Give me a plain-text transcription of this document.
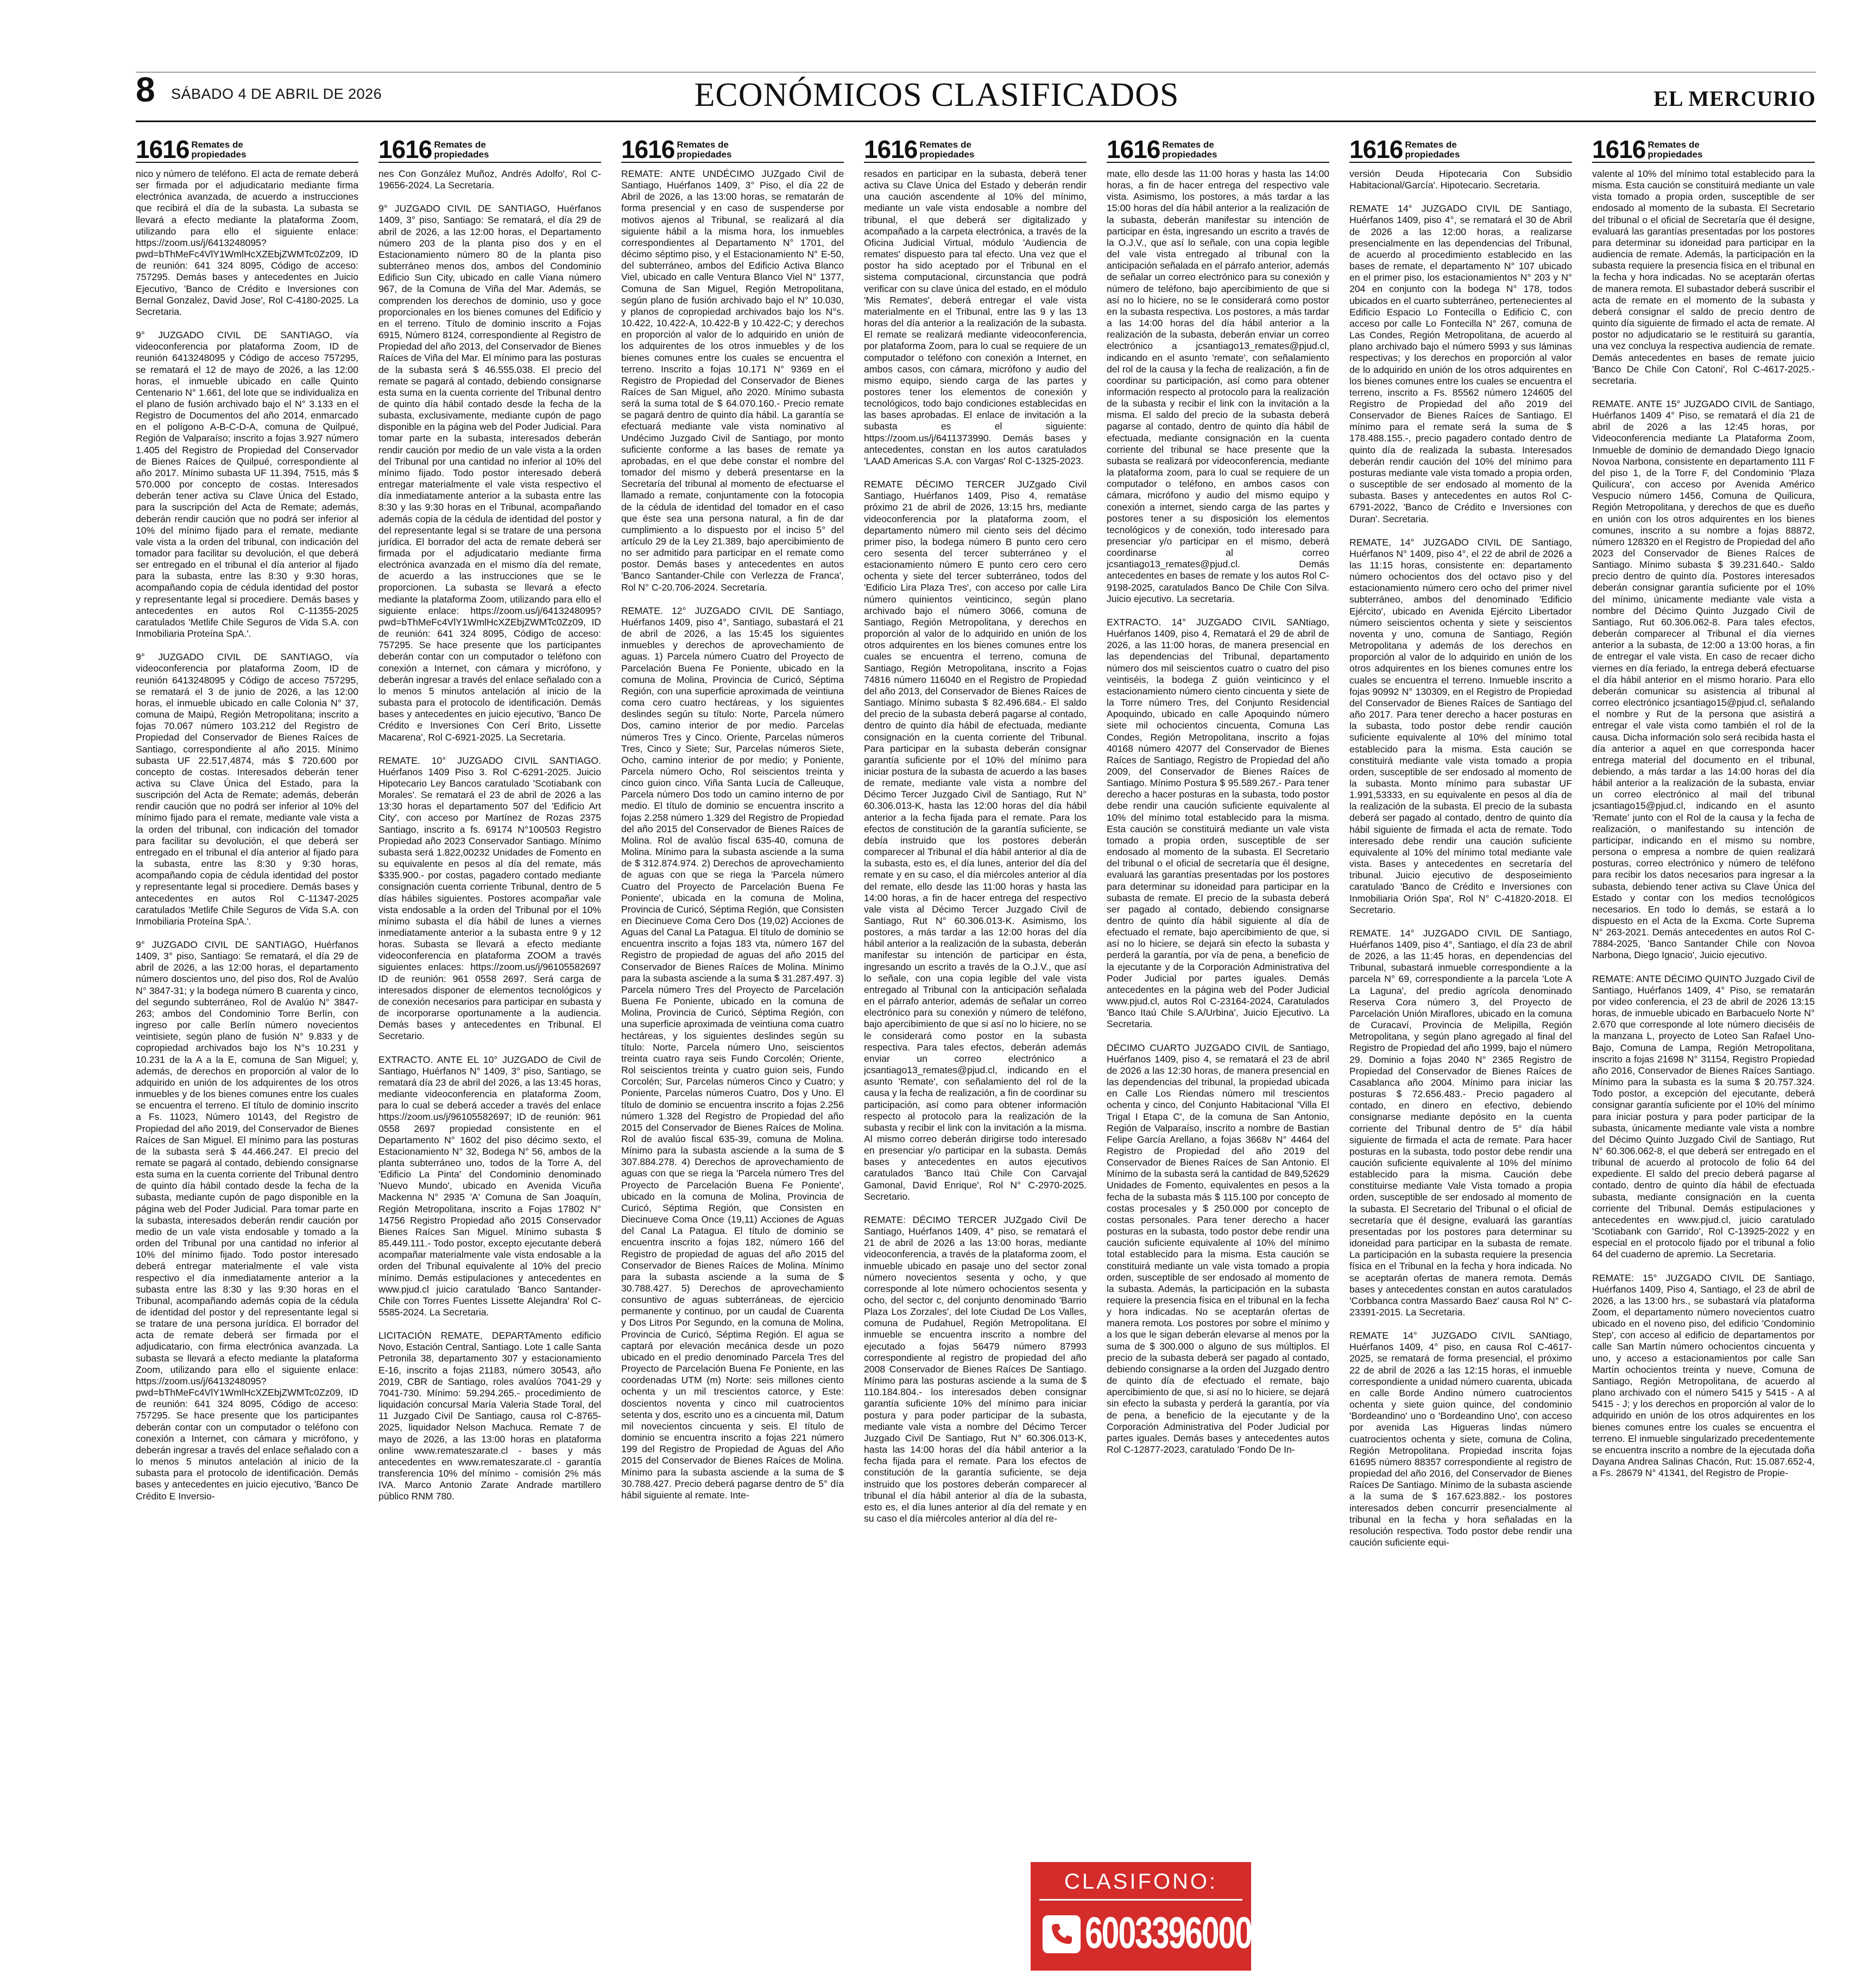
8 SÁBADO 4 DE ABRIL DE 2026	ECONÓMICOS CLASIFICADOS	EL MERCURIO
1616 Remates de
propiedades

nico y número de teléfono. El acta de remate deberá ser firmada por el adjudicatario mediante firma electrónica avanzada, de acuerdo a instrucciones que recibirá el día de la subasta. La subasta se llevará a efecto mediante la plataforma Zoom, utilizando para ello el siguiente enlace: https://zoom.us/j/6413248095?pwd=bThMeFc4VlY1WmlHcXZEbjZWMTc0Zz09, ID de reunión: 641 324 8095, Código de acceso: 757295. Demás bases y antecedentes en Juicio Ejecutivo, 'Banco de Crédito e Inversiones con Bernal Gonzalez, David Jose', Rol C-4180-2025. La Secretaria.

9° JUZGADO CIVIL DE SANTIAGO, vía videoconferencia por plataforma Zoom, ID de reunión 6413248095 y Código de acceso 757295, se rematará el 12 de mayo de 2026, a las 12:00 horas, el inmueble ubicado en calle Quinto Centenario N° 1.661, del lote que se individualiza en el plano de fusión archivado bajo el N° 3.133 en el Registro de Documentos del año 2014, enmarcado en el polígono A-B-C-D-A, comuna de Quilpué, Región de Valparaíso; inscrito a fojas 3.927 número 1.405 del Registro de Propiedad del Conservador de Bienes Raíces de Quilpué, correspondiente al año 2017. Mínimo subasta UF 11.394, 7515, más $ 570.000 por concepto de costas. Interesados deberán tener activa su Clave Única del Estado, para la suscripción del Acta de Remate; además, deberán rendir caución que no podrá ser inferior al 10% del mínimo fijado para el remate, mediante vale vista a la orden del tribunal, con indicación del tomador para facilitar su devolución, el que deberá ser entregado en el tribunal el día anterior al fijado para la subasta, entre las 8:30 y 9:30 horas, acompañando copia de cédula identidad del postor y representante legal si procediere. Demás bases y antecedentes en autos Rol C-11355-2025 caratulados 'Metlife Chile Seguros de Vida S.A. con Inmobiliaria Proteína SpA.'.

9° JUZGADO CIVIL DE SANTIAGO, vía videoconferencia por plataforma Zoom, ID de reunión 6413248095 y Código de acceso 757295, se rematará el 3 de junio de 2026, a las 12:00 horas, el inmueble ubicado en calle Colonia N° 37, comuna de Maipú, Región Metropolitana; inscrito a fojas 70.067 número 103.212 del Registro de Propiedad del Conservador de Bienes Raíces de Santiago, correspondiente al año 2015. Mínimo subasta UF 22.517,4874, más $ 720.600 por concepto de costas. Interesados deberán tener activa su Clave Única del Estado, para la suscripción del Acta de Remate; además, deberán rendir caución que no podrá ser inferior al 10% del mínimo fijado para el remate, mediante vale vista a la orden del tribunal, con indicación del tomador para facilitar su devolución, el que deberá ser entregado en el tribunal el día anterior al fijado para la subasta, entre las 8:30 y 9:30 horas, acompañando copia de cédula identidad del postor y representante legal si procediere. Demás bases y antecedentes en autos Rol C-11347-2025 caratulados 'Metlife Chile Seguros de Vida S.A. con Inmobiliaria Proteína SpA.'.

9° JUZGADO CIVIL DE SANTIAGO, Huérfanos 1409, 3° piso, Santiago: Se rematará, el día 29 de abril de 2026, a las 12:00 horas, el departamento número doscientos uno, del piso dos, Rol de Avalúo N° 3847-31; y la bodega número B cuarenta y cinco, del segundo subterráneo, Rol de Avalúo N° 3847-263; ambos del Condominio Torre Berlín, con ingreso por calle Berlín número novecientos veintisiete, según plano de fusión N° 9.833 y de copropiedad archivados bajo los N°s 10.231 y 10.231 de la A a la E, comuna de San Miguel; y, además, de derechos en proporción al valor de lo adquirido en unión de los adquirentes de los otros inmuebles y de los bienes comunes entre los cuales se encuentra el terreno. El título de dominio inscrito a Fs. 11023, Número 10143, del Registro de Propiedad del año 2019, del Conservador de Bienes Raíces de San Miguel. El mínimo para las posturas de la subasta será $ 44.466.247. El precio del remate se pagará al contado, debiendo consignarse esta suma en la cuenta corriente del Tribunal dentro de quinto día hábil contado desde la fecha de la subasta, mediante cupón de pago disponible en la página web del Poder Judicial. Para tomar parte en la subasta, interesados deberán rendir caución por medio de un vale vista endosable y tomado a la orden del Tribunal por una cantidad no inferior al 10% del mínimo fijado. Todo postor interesado deberá entregar materialmente el vale vista respectivo el día inmediatamente anterior a la subasta entre las 8:30 y las 9:30 horas en el Tribunal, acompañando además copia de la cédula de identidad del postor y del representante legal si se tratare de una persona jurídica. El borrador del acta de remate deberá ser firmada por el adjudicatario, con firma electrónica avanzada. La subasta se llevará a efecto mediante la plataforma Zoom, utilizando para ello el siguiente enlace: https://zoom.us/j/6413248095?pwd=bThMeFc4VlY1WmlHcXZEbjZWMTc0Zz09, ID de reunión: 641 324 8095, Código de acceso: 757295. Se hace presente que los participantes deberán contar con un computador o teléfono con conexión a Internet, con cámara y micrófono, y deberán ingresar a través del enlace señalado con a lo menos 5 minutos antelación al inicio de la subasta para el protocolo de identificación. Demás bases y antecedentes en juicio ejecutivo, 'Banco De Crédito E Inversio-

1616 Remates de
propiedades

nes Con González Muñoz, Andrés Adolfo', Rol C-19656-2024. La Secretaria.

9° JUZGADO CIVIL DE SANTIAGO, Huérfanos 1409, 3° piso, Santiago: Se rematará, el día 29 de abril de 2026, a las 12:00 horas, el Departamento número 203 de la planta piso dos y en el Estacionamiento número 80 de la planta piso subterráneo menos dos, ambos del Condominio Edificio Sun City, ubicado en calle Viana número 967, de la Comuna de Viña del Mar. Además, se comprenden los derechos de dominio, uso y goce proporcionales en los bienes comunes del Edificio y en el terreno. Título de dominio inscrito a Fojas 6915, Número 8124, correspondiente al Registro de Propiedad del año 2013, del Conservador de Bienes Raíces de Viña del Mar. El mínimo para las posturas de la subasta será $ 46.555.038. El precio del remate se pagará al contado, debiendo consignarse esta suma en la cuenta corriente del Tribunal dentro de quinto día hábil contado desde la fecha de la subasta, exclusivamente, mediante cupón de pago disponible en la página web del Poder Judicial. Para tomar parte en la subasta, interesados deberán rendir caución por medio de un vale vista a la orden del Tribunal por una cantidad no inferior al 10% del mínimo fijado. Todo postor interesado deberá entregar materialmente el vale vista respectivo el día inmediatamente anterior a la subasta entre las 8:30 y las 9:30 horas en el Tribunal, acompañando además copia de la cédula de identidad del postor y del representante legal si se tratare de una persona jurídica. El borrador del acta de remate deberá ser firmada por el adjudicatario mediante firma electrónica avanzada en el mismo día del remate, de acuerdo a las instrucciones que se le proporcionen. La subasta se llevará a efecto mediante la plataforma Zoom, utilizando para ello el siguiente enlace: https://zoom.us/j/6413248095? pwd=bThMeFc4VlY1WmlHcXZEbjZWMTc0Zz09, ID de reunión: 641 324 8095, Código de acceso: 757295. Se hace presente que los participantes deberán contar con un computador o teléfono con conexión a Internet, con cámara y micrófono, y deberán ingresar a través del enlace señalado con a lo menos 5 minutos antelación al inicio de la subasta para el protocolo de identificación. Demás bases y antecedentes en juicio ejecutivo, 'Banco De Crédito e Inversiones Con Cerí Brito, Lissette Macarena', Rol C-6921-2025. La Secretaria.

REMATE. 10° JUZGADO CIVIL SANTIAGO. Huérfanos 1409 Piso 3. Rol C-6291-2025. Juicio Hipotecario Ley Bancos caratulado 'Scotiabank con Morales'. Se rematará el 23 de abril de 2026 a las 13:30 horas el departamento 507 del 'Edificio Art City', con acceso por Martínez de Rozas 2375 Santiago, inscrito a fs. 69174 N°100503 Registro Propiedad año 2023 Conservador Santiago. Mínimo subasta será 1.822,00232 Unidades de Fomento en su equivalente en pesos al día del remate, más $335.900.- por costas, pagadero contado mediante consignación cuenta corriente Tribunal, dentro de 5 días hábiles siguientes. Postores acompañar vale vista endosable a la orden del Tribunal por el 10% mínimo subasta el día hábil de lunes a viernes inmediatamente anterior a la subasta entre 9 y 12 horas. Subasta se llevará a efecto mediante videoconferencia en plataforma ZOOM a través siguientes enlaces: https://zoom.us/j/96105582697 ID de reunión: 961 0558 2697. Será carga de interesados disponer de elementos tecnológicos y de conexión necesarios para participar en subasta y de incorporarse oportunamente a la audiencia. Demás bases y antecedentes en Tribunal. El Secretario.

EXTRACTO. ANTE EL 10° JUZGADO de Civil de Santiago, Huérfanos N° 1409, 3° piso, Santiago, se rematará día 23 de abril del 2026, a las 13:45 horas, mediante videoconferencia en plataforma Zoom, para lo cual se deberá acceder a través del enlace https://zoom.us/j/96105582697; ID de reunión: 961 0558 2697 propiedad consistente en el Departamento N° 1602 del piso décimo sexto, el Estacionamiento N° 32, Bodega N° 56, ambos de la planta subterráneo uno, todos de la Torre A, del 'Edificio La Pinta' del Condominio denominado 'Nuevo Mundo', ubicado en Avenida Vicuña Mackenna N° 2935 'A' Comuna de San Joaquín, Región Metropolitana, inscrito a Fojas 17802 N° 14756 Registro Propiedad año 2015 Conservador Bienes Raíces San Miguel. Mínimo subasta $ 85.449.111.- Todo postor, excepto ejecutante deberá acompañar materialmente vale vista endosable a la orden del Tribunal equivalente al 10% del precio mínimo. Demás estipulaciones y antecedentes en www.pjud.cl juicio caratulado 'Banco Santander-Chile con Torres Fuentes Lissette Alejandra' Rol C-5585-2024. La Secretaria.

LICITACIÓN REMATE, DEPARTAmento edificio Novo, Estación Central, Santiago. Lote 1 calle Santa Petronila 38, departamento 307 y estacionamiento E-16, inscrito a fojas 21183, número 30543, año 2019, CBR de Santiago, roles avalúos 7041-29 y 7041-730. Mínimo: 59.294.265.- procedimiento de liquidación concursal María Valeria Stade Toral, del 11 Juzgado Civil De Santiago, causa rol C-8765-2025, liquidador Nelson Machuca. Remate 7 de mayo de 2026, a las 13:00 horas en plataforma online www.remateszarate.cl - bases y más antecedentes en www.remateszarate.cl - garantía transferencia 10% del mínimo - comisión 2% más IVA. Marco Antonio Zarate Andrade martillero público RNM 780.

1616 Remates de
propiedades

REMATE: ANTE UNDÉCIMO JUZgado Civil de Santiago, Huérfanos 1409, 3° Piso, el día 22 de Abril de 2026, a las 13:00 horas, se rematarán de forma presencial y en caso de suspenderse por motivos ajenos al Tribunal, se realizará al día siguiente hábil a la misma hora, los inmuebles correspondientes al Departamento N° 1701, del décimo séptimo piso, y el Estacionamiento N° E-50, del subterráneo, ambos del Edificio Activa Blanco Viel, ubicado en calle Ventura Blanco Viel N° 1377, Comuna de San Miguel, Región Metropolitana, según plano de fusión archivado bajo el N° 10.030, y planos de copropiedad archivados bajo los N°s. 10.422, 10.422-A, 10.422-B y 10.422-C; y derechos en proporción al valor de lo adquirido en unión de los adquirentes de los otros inmuebles y de los bienes comunes entre los cuales se encuentra el terreno. Inscrito a fojas 10.171 N° 9369 en el Registro de Propiedad del Conservador de Bienes Raíces de San Miguel, año 2020. Mínimo subasta será la suma total de $ 64.070.160.- Precio remate se pagará dentro de quinto día hábil. La garantía se efectuará mediante vale vista nominativo al Undécimo Juzgado Civil de Santiago, por monto suficiente conforme a las bases de remate ya aprobadas, en el que debe constar el nombre del tomador del mismo y deberá presentarse en la Secretaría del tribunal al momento de efectuarse el llamado a remate, conjuntamente con la fotocopia de la cédula de identidad del tomador en el caso que éste sea una persona natural, a fin de dar cumplimiento a lo dispuesto por el inciso 5° del artículo 29 de la Ley 21.389, bajo apercibimiento de no ser admitido para participar en el remate como postor. Demás bases y antecedentes en autos 'Banco Santander-Chile con Verlezza de Franca', Rol N° C-20.706-2024. Secretaría.

REMATE. 12° JUZGADO CIVIL DE Santiago, Huérfanos 1409, piso 4°, Santiago, subastará el 21 de abril de 2026, a las 15:45 los siguientes inmuebles y derechos de aprovechamiento de aguas. 1) Parcela número Cuatro del Proyecto de Parcelación Buena Fe Poniente, ubicado en la comuna de Molina, Provincia de Curicó, Séptima Región, con una superficie aproximada de veintiuna coma cero cuatro hectáreas, y los siguientes deslindes según su título: Norte, Parcela número Dos, camino interior de por medio. Parcelas números Tres y Cinco. Oriente, Parcelas números Tres, Cinco y Siete; Sur, Parcelas números Siete, Ocho, camino interior de por medio; y Poniente, Parcela número Ocho, Rol seiscientos treinta y cinco guion cinco. Viña Santa Lucía de Calleuque, Parcela número Dos todo un camino interno de por medio. El título de dominio se encuentra inscrito a fojas 2.258 número 1.329 del Registro de Propiedad del año 2015 del Conservador de Bienes Raíces de Molina. Rol de avalúo fiscal 635-40, comuna de Molina. Mínimo para la subasta asciende a la suma de $ 312.874.974. 2) Derechos de aprovechamiento de aguas con que se riega la 'Parcela número Cuatro del Proyecto de Parcelación Buena Fe Poniente', ubicada en la comuna de Molina, Provincia de Curicó, Séptima Región, que Consisten en Diecinueve Coma Cero Dos (19,02) Acciones de Aguas del Canal La Patagua. El título de dominio se encuentra inscrito a fojas 183 vta, número 167 del Registro de propiedad de aguas del año 2015 del Conservador de Bienes Raíces de Molina. Mínimo para la subasta asciende a la suma $ 31.287.497. 3) Parcela número Tres del Proyecto de Parcelación Buena Fe Poniente, ubicado en la comuna de Molina, Provincia de Curicó, Séptima Región, con una superficie aproximada de veintiuna coma cuatro hectáreas, y los siguientes deslindes según su título: Norte, Parcela número Uno, seiscientos treinta cuatro raya seis Fundo Corcolén; Oriente, Rol seiscientos treinta y cuatro guion seis, Fundo Corcolén; Sur, Parcelas números Cinco y Cuatro; y Poniente, Parcelas números Cuatro, Dos y Uno. El título de dominio se encuentra inscrito a fojas 2.256 número 1.328 del Registro de Propiedad del año 2015 del Conservador de Bienes Raíces de Molina. Rol de avalúo fiscal 635-39, comuna de Molina. Mínimo para la subasta asciende a la suma de $ 307.884.278. 4) Derechos de aprovechamiento de aguas con que se riega la 'Parcela número Tres del Proyecto de Parcelación Buena Fe Poniente', ubicado en la comuna de Molina, Provincia de Curicó, Séptima Región, que Consisten en Diecinueve Coma Once (19,11) Acciones de Aguas del Canal La Patagua. El título de dominio se encuentra inscrito a fojas 182, número 166 del Registro de propiedad de aguas del año 2015 del Conservador de Bienes Raíces de Molina. Mínimo para la subasta asciende a la suma de $ 30.788.427. 5) Derechos de aprovechamiento consuntivo de aguas subterráneas, de ejercicio permanente y continuo, por un caudal de Cuarenta y Dos Litros Por Segundo, en la comuna de Molina, Provincia de Curicó, Séptima Región. El agua se captará por elevación mecánica desde un pozo ubicado en el predio denominado Parcela Tres del Proyecto de Parcelación Buena Fe Poniente, en las coordenadas UTM (m) Norte: seis millones ciento ochenta y un mil trescientos catorce, y Este: doscientos noventa y cinco mil cuatrocientos setenta y dos, escrito uno es a cincuenta mil, Datum mil novecientos cincuenta y seis. El título de dominio se encuentra inscrito a fojas 221 número 199 del Registro de Propiedad de Aguas del Año 2015 del Conservador de Bienes Raíces de Molina. Mínimo para la subasta asciende a la suma de $ 30.788.427. Precio deberá pagarse dentro de 5° día hábil siguiente al remate. Inte-

1616 Remates de
propiedades

resados en participar en la subasta, deberá tener activa su Clave Única del Estado y deberán rendir una caución ascendente al 10% del mínimo, mediante un vale vista endosable a nombre del tribunal, el que deberá ser digitalizado y acompañado a la carpeta electrónica, a través de la Oficina Judicial Virtual, módulo 'Audiencia de remates' dispuesto para tal efecto. Una vez que el postor ha sido aceptado por el Tribunal en el sistema computacional, circunstancia que podrá verificar con su clave única del estado, en el módulo 'Mis Remates', deberá entregar el vale vista materialmente en el Tribunal, entre las 9 y las 13 horas del día anterior a la realización de la subasta. El remate se realizará mediante videoconferencia, por plataforma Zoom, para lo cual se requiere de un computador o teléfono con conexión a Internet, en ambos casos, con cámara, micrófono y audio del mismo equipo, siendo carga de las partes y postores tener los elementos de conexión y tecnológicos, todo bajo condiciones establecidas en las bases aprobadas. El enlace de invitación a la subasta es el siguiente: https://zoom.us/j/6411373990. Demás bases y antecedentes, constan en los autos caratulados 'LAAD Americas S.A. con Vargas' Rol C-1325-2023.

REMATE DÉCIMO TERCER JUZgado Civil Santiago, Huérfanos 1409, Piso 4, rematáse próximo 21 de abril de 2026, 13:15 hrs, mediante videoconferencia por la plataforma zoom, el departamento número mil ciento seis del décimo primer piso, la bodega número B punto cero cero cero sesenta del tercer subterráneo y el estacionamiento número E punto cero cero cero ochenta y siete del tercer subterráneo, todos del 'Edificio Lira Plaza Tres', con acceso por calle Lira número quinientos veinticinco, según plano archivado bajo el número 3066, comuna de Santiago, Región Metropolitana, y derechos en proporción al valor de lo adquirido en unión de los otros adquirentes en los bienes comunes entre los cuales se encuentra el terreno, comuna de Santiago, Región Metropolitana, inscrito a Fojas 74816 número 116040 en el Registro de Propiedad del año 2013, del Conservador de Bienes Raíces de Santiago. Mínimo subasta $ 82.496.684.- El saldo del precio de la subasta deberá pagarse al contado, dentro de quinto día hábil de efectuada, mediante consignación en la cuenta corriente del Tribunal. Para participar en la subasta deberán consignar garantía suficiente por el 10% del mínimo para iniciar postura de la subasta de acuerdo a las bases de remate, mediante vale vista a nombre del Décimo Tercer Juzgado Civil de Santiago, Rut N° 60.306.013-K, hasta las 12:00 horas del día hábil anterior a la fecha fijada para el remate. Para los efectos de constitución de la garantía suficiente, se debía instruido que los postores deberán comparecer al Tribunal el día hábil anterior al día de la subasta, esto es, el día lunes, anterior del día del remate y en su caso, el día miércoles anterior al día del remate, ello desde las 11:00 horas y hasta las 14:00 horas, a fin de hacer entrega del respectivo vale vista al Décimo Tercer Juzgado Civil de Santiago, Rut N° 60.306.013-K. Asimismo, los postores, a más tardar a las 12:00 horas del día hábil anterior a la realización de la subasta, deberán manifestar su intención de participar en ésta, ingresando un escrito a través de la O.J.V., que así lo señale, con una copia legible del vale vista entregado al Tribunal con la anticipación señalada en el párrafo anterior, además de señalar un correo electrónico para su conexión y número de teléfono, bajo apercibimiento de que si así no lo hiciere, no se le considerará como postor en la subasta respectiva. Para tales efectos, deberán además enviar un correo electrónico a jcsantiago13_remates@pjud.cl, indicando en el asunto 'Remate', con señalamiento del rol de la causa y la fecha de realización, a fin de coordinar su participación, así como para obtener información respecto al protocolo para la realización de la subasta y recibir el link con la invitación a la misma. Al mismo correo deberán dirigirse todo interesado en presenciar y/o participar en la subasta. Demás bases y antecedentes en autos ejecutivos caratulados 'Banco Itaú Chile Con Carvajal Gamonal, David Enrique', Rol N° C-2970-2025. Secretario.

REMATE: DÉCIMO TERCER JUZgado Civil De Santiago, Huérfanos 1409, 4° piso, se rematará el 21 de abril de 2026 a las 13:00 horas, mediante videoconferencia, a través de la plataforma zoom, el inmueble ubicado en pasaje uno del sector zonal número novecientos sesenta y ocho, y que corresponde al lote número ochocientos sesenta y ocho, del sector c, del conjunto denominado 'Barrio Plaza Los Zorzales', del lote Ciudad De Los Valles, comuna de Pudahuel, Región Metropolitana. El inmueble se encuentra inscrito a nombre del ejecutado a fojas 56479 número 87993 correspondiente al registro de propiedad del año 2008 Conservador de Bienes Raíces De Santiago. Mínimo para las posturas asciende a la suma de $ 110.184.804.- los interesados deben consignar garantía suficiente 10% del mínimo para iniciar postura y para poder participar de la subasta, mediante vale vista a nombre del Décimo Tercer Juzgado Civil De Santiago, Rut N° 60.306.013-K, hasta las 14:00 horas del día hábil anterior a la fecha fijada para el remate. Para los efectos de constitución de la garantía suficiente, se deja instruido que los postores deberán comparecer al tribunal el día hábil anterior al día de la subasta, esto es, el día lunes anterior al día del remate y en su caso el día miércoles anterior al día del re-

1616 Remates de
propiedades

mate, ello desde las 11:00 horas y hasta las 14:00 horas, a fin de hacer entrega del respectivo vale vista. Asimismo, los postores, a más tardar a las 15:00 horas del día hábil anterior a la realización de la subasta, deberán manifestar su intención de participar en ésta, ingresando un escrito a través de la O.J.V., que así lo señale, con una copia legible del vale vista entregado al tribunal con la anticipación señalada en el párrafo anterior, además de señalar un correo electrónico para su conexión y número de teléfono, bajo apercibimiento de que si así no lo hiciere, no se le considerará como postor en la subasta respectiva. Los postores, a más tardar a las 14:00 horas del día hábil anterior a la realización de la subasta, deberán enviar un correo electrónico a jcsantiago13_remates@pjud.cl, indicando en el asunto 'remate', con señalamiento del rol de la causa y la fecha de realización, a fin de coordinar su participación, así como para obtener información respecto al protocolo para la realización de la subasta y recibir el link con la invitación a la misma. El saldo del precio de la subasta deberá pagarse al contado, dentro de quinto día hábil de efectuada, mediante consignación en la cuenta corriente del tribunal se hace presente que la subasta se realizará por videoconferencia, mediante la plataforma zoom, para lo cual se requiere de un computador o teléfono, en ambos casos con cámara, micrófono y audio del mismo equipo y conexión a internet, siendo carga de las partes y postores tener a su disposición los elementos tecnológicos y de conexión, todo interesado para presenciar y/o participar en el mismo, deberá coordinarse al correo jcsantiago13_remates@pjud.cl. Demás antecedentes en bases de remate y los autos Rol C-9198-2025, caratulados Banco De Chile Con Silva. Juicio ejecutivo. La secretaria.

EXTRACTO. 14° JUZGADO CIVIL SANtiago, Huérfanos 1409, piso 4, Rematará el 29 de abril de 2026, a las 11:00 horas, de manera presencial en las dependencias del Tribunal, departamento número dos mil seiscientos cuatro o cuatro del piso veintiséis, la bodega Z guión veinticinco y el estacionamiento número ciento cincuenta y siete de la Torre número Tres, del Conjunto Residencial Apoquindo, ubicado en calle Apoquindo número siete mil ochocientos cincuenta, Comuna Las Condes, Región Metropolitana, inscrito a fojas 40168 número 42077 del Conservador de Bienes Raíces de Santiago, Registro de Propiedad del año 2009, del Conservador de Bienes Raíces de Santiago. Mínimo Postura $ 95.589.267.- Para tener derecho a hacer posturas en la subasta, todo postor debe rendir una caución suficiente equivalente al 10% del mínimo total establecido para la misma. Esta caución se constituirá mediante un vale vista tomado a propia orden, susceptible de ser endosado al momento de la subasta. El Secretario del tribunal o el oficial de secretaría que él designe, evaluará las garantías presentadas por los postores para determinar su idoneidad para participar en la subasta de remate. El precio de la subasta deberá ser pagado al contado, debiendo consignarse dentro de quinto día hábil siguiente al día de efectuado el remate, bajo apercibimiento de que, si así no lo hiciere, se dejará sin efecto la subasta y perderá la garantía, por vía de pena, a beneficio de la ejecutante y de la Corporación Administrativa del Poder Judicial por partes iguales. Demás antecedentes en la página web del Poder Judicial www.pjud.cl, autos Rol C-23164-2024, Caratulados 'Banco Itaú Chile S.A/Urbina', Juicio Ejecutivo. La Secretaria.

DÉCIMO CUARTO JUZGADO CIVIL de Santiago, Huérfanos 1409, piso 4, se rematará el 23 de abril de 2026 a las 12:30 horas, de manera presencial en las dependencias del tribunal, la propiedad ubicada en Calle Los Riendas número mil trescientos ochenta y cinco, del Conjunto Habitacional 'Villa El Trigal I Etapa C', de la comuna de San Antonio, Región de Valparaíso, inscrito a nombre de Bastian Felipe García Arellano, a fojas 3668v N° 4464 del Registro de Propiedad del año 2019 del Conservador de Bienes Raíces de San Antonio. El Mínimo de la subasta será la cantidad de 849,52629 Unidades de Fomento, equivalentes en pesos a la fecha de la subasta más $ 115.100 por concepto de costas procesales y $ 250.000 por concepto de costas personales. Para tener derecho a hacer posturas en la subasta, todo postor debe rendir una caución suficiente equivalente al 10% del mínimo total establecido para la misma. Esta caución se constituirá mediante un vale vista tomado a propia orden, susceptible de ser endosado al momento de la subasta. Además, la participación en la subasta requiere la presencia física en el tribunal en la fecha y hora indicadas. No se aceptarán ofertas de manera remota. Los postores por sobre el mínimo y a los que le sigan deberán elevarse al menos por la suma de $ 300.000 o alguno de sus múltiplos. El precio de la subasta deberá ser pagado al contado, debiendo consignarse a la orden del Juzgado dentro de quinto día de efectuado el remate, bajo apercibimiento de que, si así no lo hiciere, se dejará sin efecto la subasta y perderá la garantía, por vía de pena, a beneficio de la ejecutante y de la Corporación Administrativa del Poder Judicial por partes iguales. Demás bases y antecedentes autos Rol C-12877-2023, caratulado 'Fondo De In-

1616 Remates de
propiedades

versión Deuda Hipotecaria Con Subsidio Habitacional/García'. Hipotecario. Secretaria.

REMATE 14° JUZGADO CIVIL DE Santiago, Huérfanos 1409, piso 4°, se rematará el 30 de Abril de 2026 a las 12:00 horas, a realizarse presencialmente en las dependencias del Tribunal, de acuerdo al procedimiento establecido en las bases de remate, el departamento N° 107 ubicado en el primer piso, los estacionamientos N° 203 y N° 204 en conjunto con la bodega N° 178, todos ubicados en el cuarto subterráneo, pertenecientes al Edificio Espacio Lo Fontecilla o Edificio C, con acceso por calle Lo Fontecilla N° 267, comuna de Las Condes, Región Metropolitana, de acuerdo al plano archivado bajo el número 5993 y sus láminas respectivas; y los derechos en proporción al valor de lo adquirido en unión de los otros adquirentes en los bienes comunes entre los cuales se encuentra el terreno, inscrito a Fs. 85562 número 124605 del Registro de Propiedad del año 2019 del Conservador de Bienes Raíces de Santiago. El mínimo para el remate será la suma de $ 178.488.155.-, precio pagadero contado dentro de quinto día de realizada la subasta. Interesados deberán rendir caución del 10% del mínimo para posturas mediante vale vista tomado a propia orden, o susceptible de ser endosado al momento de la subasta. Bases y antecedentes en autos Rol C-6791-2022, 'Banco de Crédito e Inversiones con Duran'. Secretaria.

REMATE, 14° JUZGADO CIVIL DE Santiago, Huérfanos N° 1409, piso 4°, el 22 de abril de 2026 a las 11:15 horas, consistente en: departamento número ochocientos dos del octavo piso y del estacionamiento número cero ocho del primer nivel subterráneo, ambos del denominado 'Edificio Ejército', ubicado en Avenida Ejército Libertador número seiscientos ochenta y siete y seiscientos noventa y uno, comuna de Santiago, Región Metropolitana y además de los derechos en proporción al valor de lo adquirido en unión de los otros adquirentes en los bienes comunes entre los cuales se encuentra el terreno. Inmueble inscrito a fojas 90992 N° 130309, en el Registro de Propiedad del Conservador de Bienes Raíces de Santiago del año 2017. Para tener derecho a hacer posturas en la subasta, todo postor debe rendir caución suficiente equivalente al 10% del mínimo total establecido para la misma. Esta caución se constituirá mediante vale vista tomado a propia orden, susceptible de ser endosado al momento de la subasta. Monto mínimo para subastar UF 1.991,53333, en su equivalente en pesos al día de la realización de la subasta. El precio de la subasta deberá ser pagado al contado, dentro de quinto día hábil siguiente de firmada el acta de remate. Todo interesado debe rendir una caución suficiente equivalente al 10% del mínimo total mediante vale vista. Bases y antecedentes en secretaría del tribunal. Juicio ejecutivo de desposeimiento caratulado 'Banco de Crédito e Inversiones con Inmobiliaria Orión Spa', Rol N° C-41820-2018. El Secretario.

REMATE. 14° JUZGADO CIVIL DE Santiago, Huérfanos 1409, piso 4°, Santiago, el día 23 de abril de 2026, a las 11:45 horas, en dependencias del Tribunal, subastará inmueble correspondiente a la parcela N° 69, correspondiente a la parcela 'Lote A La Laguna', del predio agrícola denominado Reserva Cora número 3, del Proyecto de Parcelación Unión Miraflores, ubicado en la comuna de Curacaví, Provincia de Melipilla, Región Metropolitana, y según plano agregado al final del Registro de Propiedad del año 1999, bajo el número 29. Dominio a fojas 2040 N° 2365 Registro de Propiedad del Conservador de Bienes Raíces de Casablanca año 2004. Mínimo para iniciar las posturas $ 72.656.483.- Precio pagadero al contado, en dinero en efectivo, debiendo consignarse mediante depósito en la cuenta corriente del Tribunal dentro de 5° día hábil siguiente de firmada el acta de remate. Para hacer posturas en la subasta, todo postor debe rendir una caución suficiente equivalente al 10% del mínimo establecido para la misma. Caución debe constituirse mediante Vale Vista tomado a propia orden, susceptible de ser endosado al momento de la subasta. El Secretario del Tribunal o el oficial de secretaría que él designe, evaluará las garantías presentadas por los postores para determinar su idoneidad para participar en la subasta de remate. La participación en la subasta requiere la presencia física en el Tribunal en la fecha y hora indicada. No se aceptarán ofertas de manera remota. Demás bases y antecedentes constan en autos caratulados 'Corbbanca contra Massardo Baez' causa Rol N° C-23391-2015. La Secretaria.

REMATE 14° JUZGADO CIVIL SANtiago, Huérfanos 1409, 4° piso, en causa Rol C-4617-2025, se rematará de forma presencial, el próximo 22 de abril de 2026 a las 12:15 horas, el inmueble correspondiente a unidad número cuarenta, ubicada en calle Borde Andino número cuatrocientos ochenta y siete guion quince, del condominio 'Bordeandino' uno o 'Bordeandino Uno', con acceso por avenida Las Higueras lindas número cuatrocientos ochenta y siete, comuna de Colina, Región Metropolitana. Propiedad inscrita fojas 61695 número 88357 correspondiente al registro de propiedad del año 2016, del Conservador de Bienes Raíces De Santiago. Mínimo de la subasta asciende a la suma de $ 167.623.882.- los postores interesados deben concurrir presencialmente al tribunal en la fecha y hora señaladas en la resolución respectiva. Todo postor debe rendir una caución suficiente equi-

1616 Remates de
propiedades

valente al 10% del mínimo total establecido para la misma. Esta caución se constituirá mediante un vale vista tomado a propia orden, susceptible de ser endosado al momento de la subasta. El Secretario del tribunal o el oficial de Secretaría que él designe, evaluará las garantías presentadas por los postores para determinar su idoneidad para participar en la audiencia de remate. Además, la participación en la subasta requiere la presencia física en el tribunal en la fecha y hora indicadas. No se aceptarán ofertas de manera remota. El subastador deberá suscribir el acta de remate en el momento de la subasta y deberá consignar el saldo de precio dentro de quinto día siguiente de firmado el acta de remate. Al postor no adjudicatario se le restituirá su garantía, una vez concluya la respectiva audiencia de remate. Demás antecedentes en bases de remate juicio 'Banco De Chile Con Catoni', Rol C-4617-2025.- secretaria.

REMATE. ANTE 15° JUZGADO CIVIL de Santiago, Huérfanos 1409 4° Piso, se rematará el día 21 de abril de 2026 a las 12:45 horas, por Videoconferencia mediante La Plataforma Zoom, Inmueble de dominio de demandado Diego Ignacio Novoa Narbona, consistente en departamento 111 F del piso 1, de la Torre F, del Condominio 'Plaza Quilicura', con acceso por Avenida Américo Vespucio número 1456, Comuna de Quilicura, Región Metropolitana, y derechos de que es dueño en unión con los otros adquirentes en los bienes comunes, inscrito a su nombre a fojas 88872, número 128320 en el Registro de Propiedad del año 2023 del Conservador de Bienes Raíces de Santiago. Mínimo subasta $ 39.231.640.- Saldo precio dentro de quinto día. Postores interesados deberán consignar garantía suficiente por el 10% del mínimo, únicamente mediante vale vista a nombre del Décimo Quinto Juzgado Civil de Santiago, Rut 60.306.062-8. Para tales efectos, deberán comparecer al Tribunal el día viernes anterior a la subasta, de 12:00 a 13:00 horas, a fin de entregar el vale vista. En caso de recaer dicho viernes en día feriado, la entrega deberá efectuarse el día hábil anterior en el mismo horario. Para ello deberán comunicar su asistencia al tribunal al correo electrónico jcsantiago15@pjud.cl, señalando el nombre y Rut de la persona que asistirá a entregar el vale vista como también el rol de la causa. Dicha información solo será recibida hasta el día anterior a aquel en que corresponda hacer entrega material del documento en el tribunal, debiendo, a más tardar a las 14:00 horas del día hábil anterior a la realización de la subasta, enviar un correo electrónico al mail del tribunal jcsantiago15@pjud.cl, indicando en el asunto 'Remate' junto con el Rol de la causa y la fecha de realización, o manifestando su intención de participar, indicando en el mismo su nombre, persona o empresa a nombre de quien realizará posturas, correo electrónico y número de teléfono para recibir los datos necesarios para ingresar a la subasta, debiendo tener activa su Clave Única del Estado y contar con los medios tecnológicos necesarios. En todo lo demás, se estará a lo dispuesto en el Acta de la Excma. Corte Suprema N° 263-2021. Demás antecedentes en autos Rol C-7884-2025, 'Banco Santander Chile con Novoa Narbona, Diego Ignacio', Juicio ejecutivo.

REMATE: ANTE DÉCIMO QUINTO Juzgado Civil de Santiago, Huérfanos 1409, 4° Piso, se rematarán por video conferencia, el 23 de abril de 2026 13:15 horas, de inmueble ubicado en Barbacuelo Norte N° 2.670 que corresponde al lote número dieciséis de la manzana L, proyecto de Loteo San Rafael Uno-Bajo, Comuna de Lampa, Región Metropolitana, inscrito a fojas 21698 N° 31154, Registro Propiedad año 2016, Conservador de Bienes Raíces Santiago. Mínimo para la subasta es la suma $ 20.757.324. Todo postor, a excepción del ejecutante, deberá consignar garantía suficiente por el 10% del mínimo para iniciar postura y para poder participar de la subasta, únicamente mediante vale vista a nombre del Décimo Quinto Juzgado Civil de Santiago, Rut N° 60.306.062-8, el que deberá ser entregado en el tribunal de acuerdo al protocolo de folio 64 del expediente. El saldo del precio deberá pagarse al contado, dentro de quinto día hábil de efectuada subasta, mediante consignación en la cuenta corriente del Tribunal. Demás estipulaciones y antecedentes en www.pjud.cl, juicio caratulado 'Scotiabank con Garrido', Rol C-13925-2022 y en especial en el protocolo fijado por el tribunal a folio 64 del cuaderno de apremio. La Secretaria.

REMATE: 15° JUZGADO CIVIL DE Santiago, Huérfanos 1409, Piso 4, Santiago, el 23 de abril de 2026, a las 13:00 hrs., se subastará vía plataforma Zoom, el departamento número novecientos cuatro ubicado en el noveno piso, del edificio 'Condominio Step', con acceso al edificio de departamentos por calle San Martín número ochocientos cincuenta y uno, y acceso a estacionamientos por calle San Martín ochocientos treinta y nueve, Comuna de Santiago, Región Metropolitana, de acuerdo al plano archivado con el número 5415 y 5415 - A al 5415 - J; y los derechos en proporción al valor de lo adquirido en unión de los otros adquirentes en los bienes comunes entre los cuales se encuentra el terreno. El inmueble singularizado precedentemente se encuentra inscrito a nombre de la ejecutada doña Dayana Andrea Salinas Chacón, Rut: 15.087.652-4, a Fs. 28679 N° 41341, del Registro de Propie-

CLASIFONO:
6003396000
